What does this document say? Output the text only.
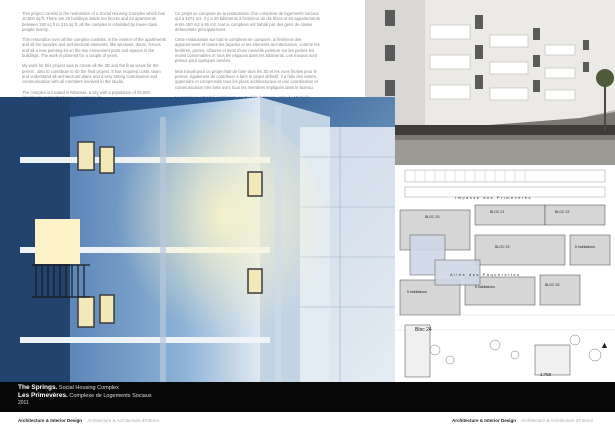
This project consist in the restoration of a Social Housing Complex which has 10,800 sq ft. There are 20 buildings inside ten blocks and 63 apartments between 150 sq ft to 215 sq ft, all the complex is inhabited by lower-class people mainly.

This restoration over all the complex consists, in the interior of the apartments and all the facades and architectural elements, like windows, doors, fences and all a new painting kit on the two convenient parts and spaces in the buildings. The work is planned for a couple of years.

My work for this project was to create all the 3D and the final views for the permit , also to contribute to do the final project. It has required costs, team and understand all architectural plans and a very strong coordination and communication with all members involved in the studio.

The complex is located in Miramas, a city with a population of 25,000

Ce projet se compose de la restauration d'un complexe de logements sociaux qui a 4271 m2. Il y a 20 bâtiments à l'intérieur de dix blocs et 63 appartements entre 150 m2 à 65 m2, tout le complexe est habité par des gens de classe défavorisée principalement.

Cette restauration sur tout le complexe se compose, à l'intérieur des appartements et toutes les façades et les éléments architecturaux, comme les fenêtres, portes, clôtures et avoir d'une nouvelle peinture sur les parties les moins convenables et tous les espaces dans les bâtiments. Les travaux sont prévus pour quelques années.

Mon travail pour ce projet était de faire tous les 3D et les vues finales pour le permis, également de contribuer à faire le projet définitif. Il a fallu des visites, apprendre et comprendre tous les plans architecturaux et une coordination et communication très forte avec tous les membres impliqués dans le bureau.

Impasse des Primevères
Allée des Pâquerettes
Bloc 24
BLOC 20
BLOC 21	BLOC 22
BLOC 23
BLOC 25
5 habitations
5 habitations
6 habitations
1:750
▲
The Springs. Social Housing Complex
Les Primevères. Complexe de Logements Sociaux
2011
Architecture & Interior Design Architecture & Architecture d'Interior	Architecture & Interior Design Architecture & Architecture d'Interior
